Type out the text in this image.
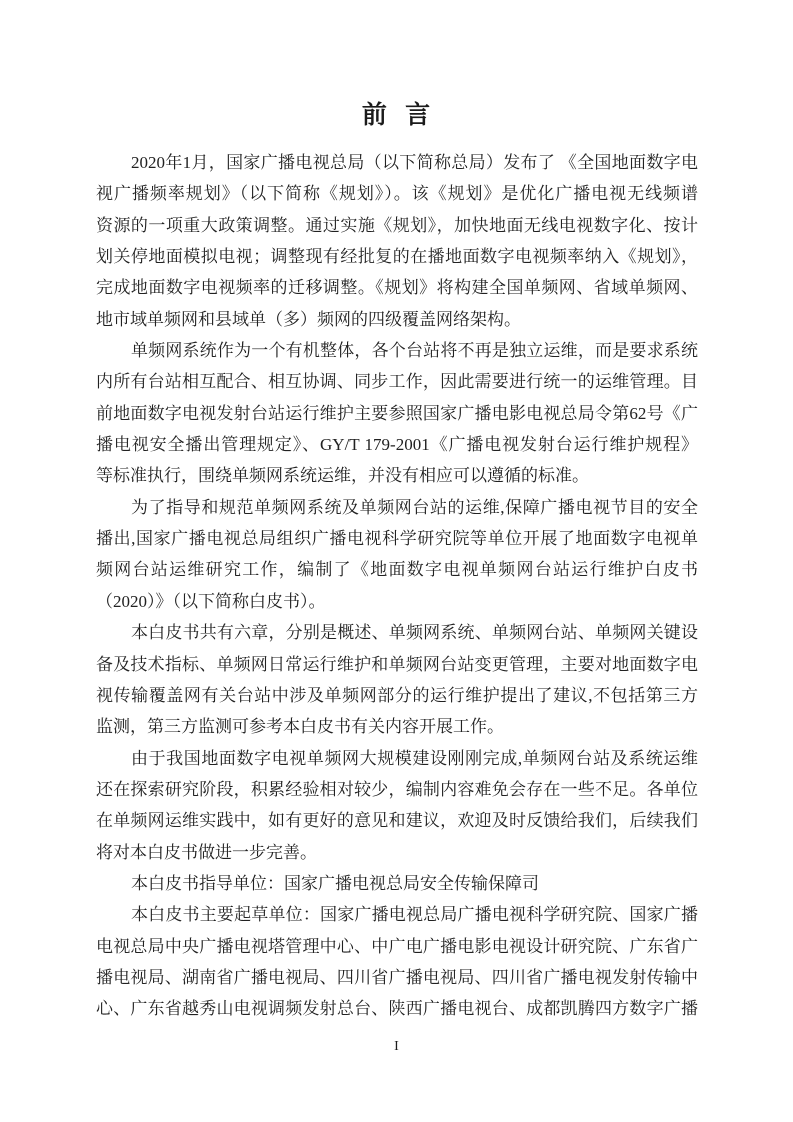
前 言
2020年1月，国家广播电视总局（以下简称总局）发布了 《全国地面数字电
视广播频率规划》（以下简称《规划》）。该《规划》是优化广播电视无线频谱
资源的一项重大政策调整。通过实施《规划》，加快地面无线电视数字化、按计
划关停地面模拟电视；调整现有经批复的在播地面数字电视频率纳入《规划》，
完成地面数字电视频率的迁移调整。《规划》将构建全国单频网、省域单频网、
地市域单频网和县域单（多）频网的四级覆盖网络架构。
单频网系统作为一个有机整体，各个台站将不再是独立运维，而是要求系统
内所有台站相互配合、相互协调、同步工作，因此需要进行统一的运维管理。目
前地面数字电视发射台站运行维护主要参照国家广播电影电视总局令第62号《广
播电视安全播出管理规定》、GY/T 179-2001《广播电视发射台运行维护规程》
等标准执行，围绕单频网系统运维，并没有相应可以遵循的标准。
为了指导和规范单频网系统及单频网台站的运维,保障广播电视节目的安全
播出,国家广播电视总局组织广播电视科学研究院等单位开展了地面数字电视单
频网台站运维研究工作，编制了《地面数字电视单频网台站运行维护白皮书
（2020）》（以下简称白皮书）。
本白皮书共有六章，分别是概述、单频网系统、单频网台站、单频网关键设
备及技术指标、单频网日常运行维护和单频网台站变更管理，主要对地面数字电
视传输覆盖网有关台站中涉及单频网部分的运行维护提出了建议,不包括第三方
监测，第三方监测可参考本白皮书有关内容开展工作。
由于我国地面数字电视单频网大规模建设刚刚完成,单频网台站及系统运维
还在探索研究阶段，积累经验相对较少，编制内容难免会存在一些不足。各单位
在单频网运维实践中，如有更好的意见和建议，欢迎及时反馈给我们，后续我们
将对本白皮书做进一步完善。
本白皮书指导单位：国家广播电视总局安全传输保障司
本白皮书主要起草单位：国家广播电视总局广播电视科学研究院、国家广播
电视总局中央广播电视塔管理中心、中广电广播电影电视设计研究院、广东省广
播电视局、湖南省广播电视局、四川省广播电视局、四川省广播电视发射传输中
心、广东省越秀山电视调频发射总台、陕西广播电视台、成都凯腾四方数字广播
I
